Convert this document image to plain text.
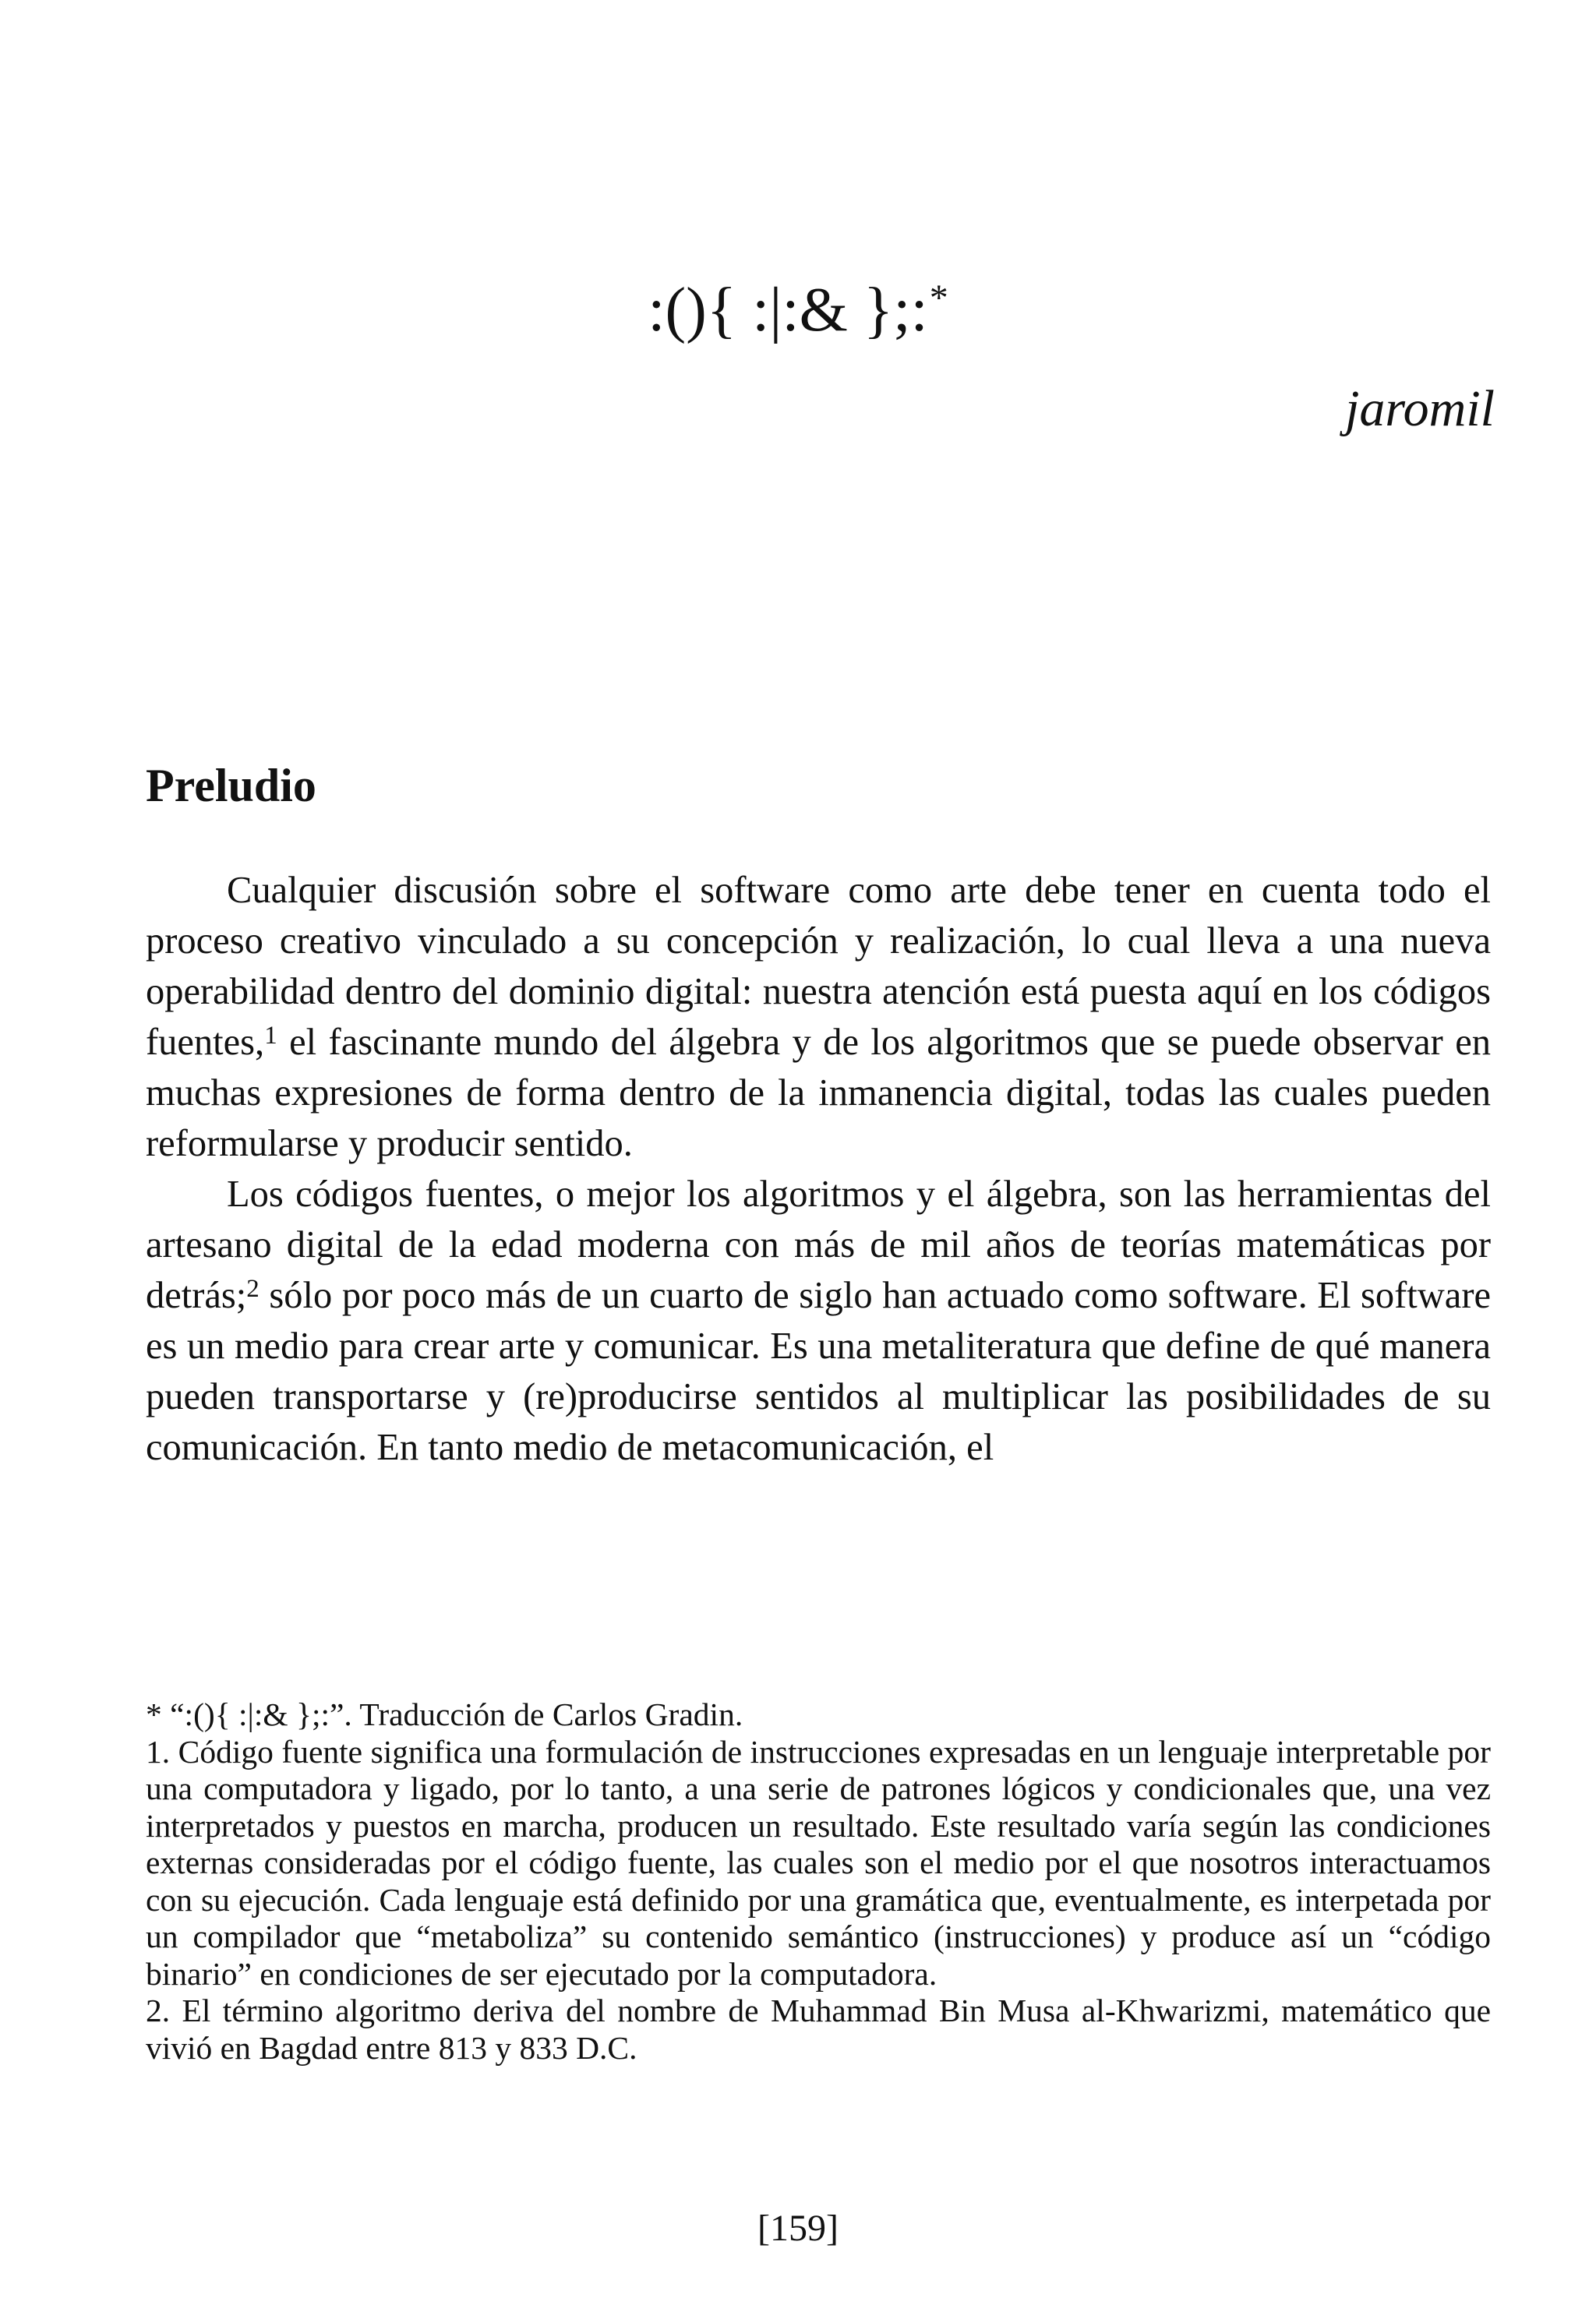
:(){ :|:& };:*
jaromil
Preludio

Cualquier discusión sobre el software como arte debe tener en cuenta todo el proceso creativo vinculado a su concepción y realización, lo cual lleva a una nueva operabilidad dentro del dominio digital: nuestra atención está puesta aquí en los códigos fuentes,$^1$ el fascinante mundo del álgebra y de los algoritmos que se puede observar en muchas expresiones de forma dentro de la inmanencia digital, todas las cuales pueden reformularse y producir sentido.

Los códigos fuentes, o mejor los algoritmos y el álgebra, son las herramientas del artesano digital de la edad moderna con más de mil años de teorías matemáticas por detrás;$^2$ sólo por poco más de un cuarto de siglo han actuado como software. El software es un medio para crear arte y comunicar. Es una metaliteratura que define de qué manera pueden transportarse y (re)producirse sentidos al multiplicar las posibilidades de su comunicación. En tanto medio de metacomunicación, el

* “:(){ :|:& };:”. Traducción de Carlos Gradin.

1. Código fuente significa una formulación de instrucciones expresadas en un lenguaje interpretable por una computadora y ligado, por lo tanto, a una serie de patrones lógicos y condicionales que, una vez interpretados y puestos en marcha, producen un resultado. Este resultado varía según las condiciones externas consideradas por el código fuente, las cuales son el medio por el que nosotros interactuamos con su ejecución. Cada lenguaje está definido por una gramática que, eventualmente, es interpetada por un compilador que “metaboliza” su contenido semántico (instrucciones) y produce así un “código binario” en condiciones de ser ejecutado por la computadora.

2. El término algoritmo deriva del nombre de Muhammad Bin Musa al-Khwarizmi, matemático que vivió en Bagdad entre 813 y 833 D.C.

[159]
